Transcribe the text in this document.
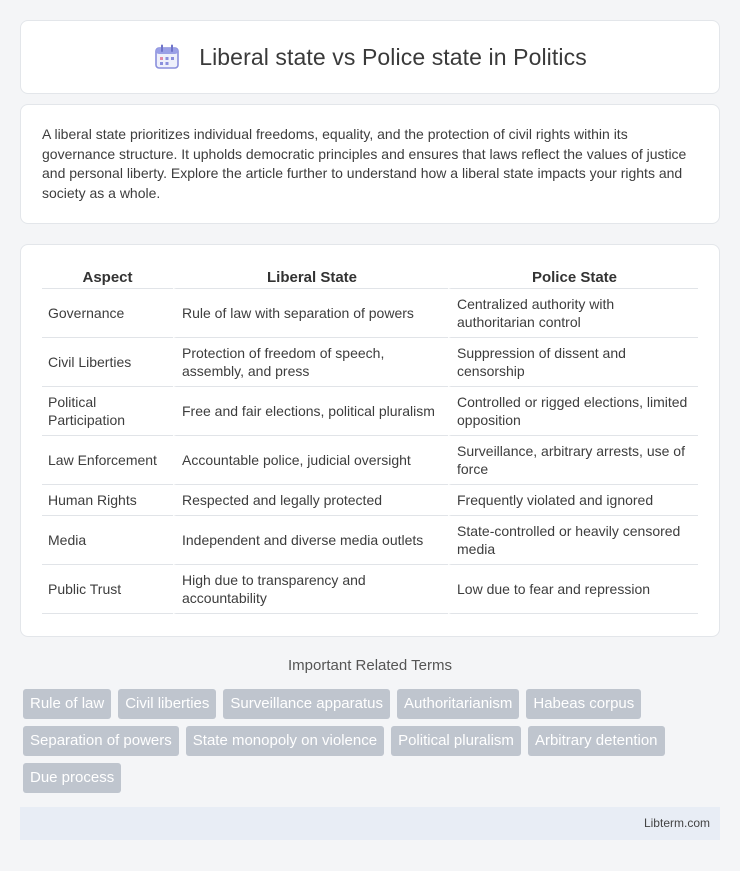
Liberal state vs Police state in Politics

A liberal state prioritizes individual freedoms, equality, and the protection of civil rights within its governance structure. It upholds democratic principles and ensures that laws reflect the values of justice and personal liberty. Explore the article further to understand how a liberal state impacts your rights and society as a whole.

Aspect	Liberal State	Police State
Governance	Rule of law with separation of powers	Centralized authority with authoritarian control
Civil Liberties	Protection of freedom of speech, assembly, and press	Suppression of dissent and censorship
Political Participation	Free and fair elections, political pluralism	Controlled or rigged elections, limited opposition
Law Enforcement	Accountable police, judicial oversight	Surveillance, arbitrary arrests, use of force
Human Rights	Respected and legally protected	Frequently violated and ignored
Media	Independent and diverse media outlets	State-controlled or heavily censored media
Public Trust	High due to transparency and accountability	Low due to fear and repression
Important Related Terms
Rule of law	Civil liberties	Surveillance apparatus	Authoritarianism	Habeas corpus
Separation of powers	State monopoly on violence	Political pluralism	Arbitrary detention
Due process
Libterm.com
